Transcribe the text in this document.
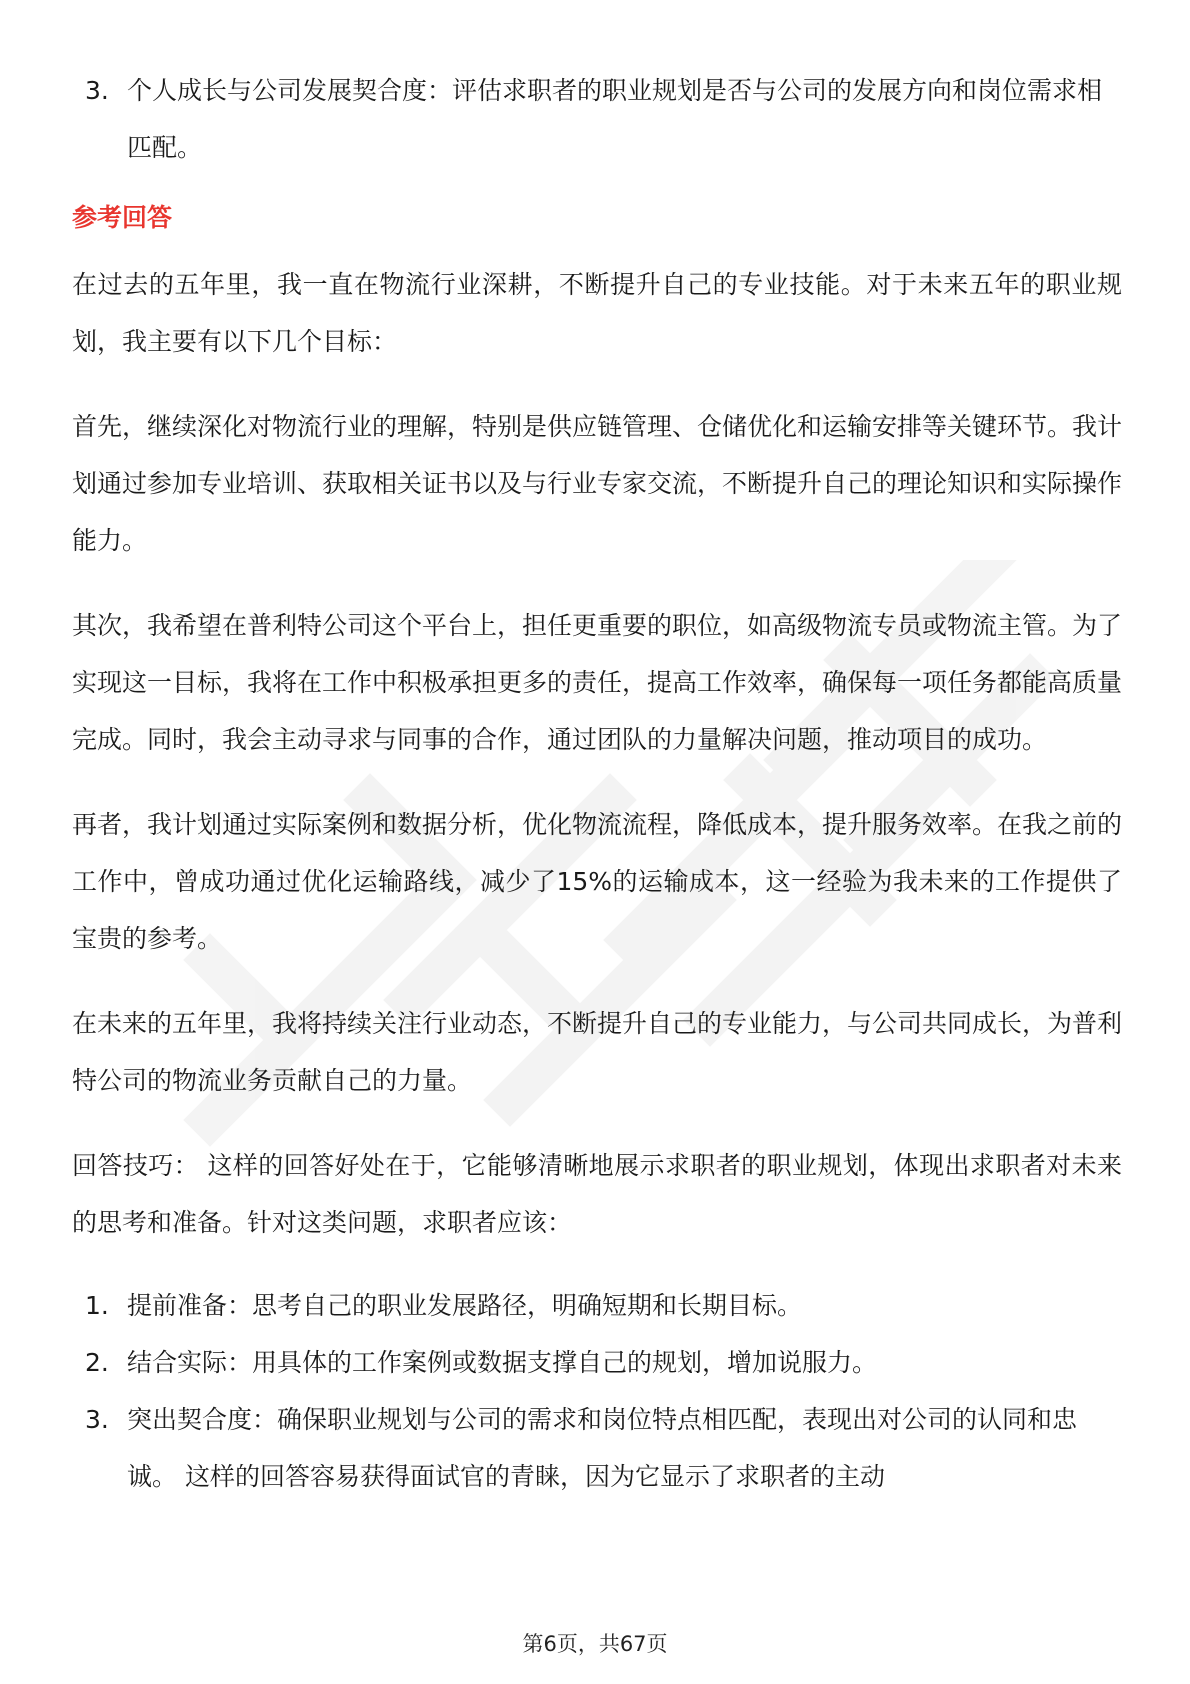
3. 个人成长与公司发展契合度：评估求职者的职业规划是否与公司的发展方向和岗位需求相匹配。
参考回答

在过去的五年里，我一直在物流行业深耕，不断提升自己的专业技能。对于未来五年的职业规划，我主要有以下几个目标：

首先，继续深化对物流行业的理解，特别是供应链管理、仓储优化和运输安排等关键环节。我计划通过参加专业培训、获取相关证书以及与行业专家交流，不断提升自己的理论知识和实际操作能力。

其次，我希望在普利特公司这个平台上，担任更重要的职位，如高级物流专员或物流主管。为了实现这一目标，我将在工作中积极承担更多的责任，提高工作效率，确保每一项任务都能高质量完成。同时，我会主动寻求与同事的合作，通过团队的力量解决问题，推动项目的成功。

再者，我计划通过实际案例和数据分析，优化物流流程，降低成本，提升服务效率。在我之前的工作中，曾成功通过优化运输路线，减少了15%的运输成本，这一经验为我未来的工作提供了宝贵的参考。

在未来的五年里，我将持续关注行业动态，不断提升自己的专业能力，与公司共同成长，为普利特公司的物流业务贡献自己的力量。

回答技巧： 这样的回答好处在于，它能够清晰地展示求职者的职业规划，体现出求职者对未来的思考和准备。针对这类问题，求职者应该：

1. 提前准备：思考自己的职业发展路径，明确短期和长期目标。
2. 结合实际：用具体的工作案例或数据支撑自己的规划，增加说服力。
3. 突出契合度：确保职业规划与公司的需求和岗位特点相匹配，表现出对公司的认同和忠诚。 这样的回答容易获得面试官的青睐，因为它显示了求职者的主动
第6页，共67页
